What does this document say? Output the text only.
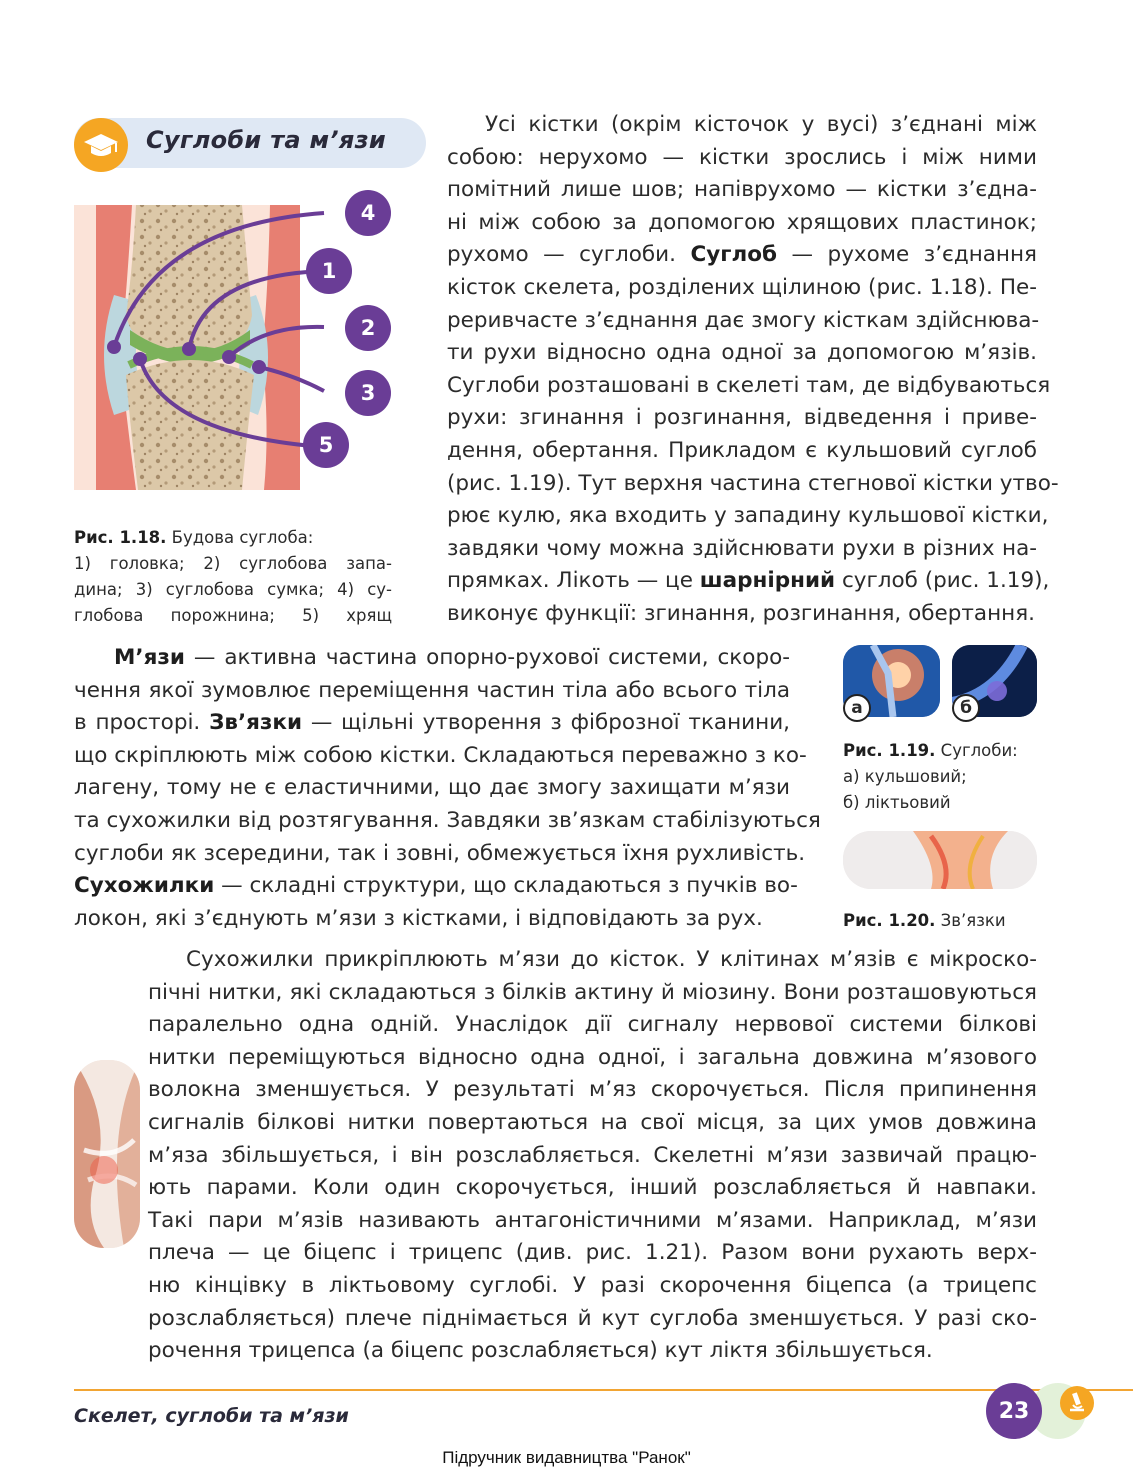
Суглоби та м’язи
4
1
2
3
5
Рис. 1.18. Будова суглоба:
1) головка; 2) суглобова запа-
дина; 3) суглобова сумка; 4) су-
глобова порожнина; 5) хрящ
Усі кістки (окрім кісточок у вусі) з’єднані між
собою: нерухомо — кістки зрослись і між ними
помітний лише шов; напіврухомо — кістки з’єдна-
ні між собою за допомогою хрящових пластинок;
рухомо — суглоби. Суглоб — рухоме з’єднання
кісток скелета, розділених щілиною (рис. 1.18). Пе-
реривчасте з’єднання дає змогу кісткам здійснюва-
ти рухи відносно одна одної за допомогою м’язів.
Суглоби розташовані в скелеті там, де відбуваються
рухи: згинання і розгинання, відведення і приве-
дення, обертання. Прикладом є кульшовий суглоб
(рис. 1.19). Тут верхня частина стегнової кістки утво-
рює кулю, яка входить у западину кульшової кістки,
завдяки чому можна здійснювати рухи в різних на-
прямках. Лікоть — це шарнірний суглоб (рис. 1.19),
виконує функції: згинання, розгинання, обертання.
М’язи — активна частина опорно-рухової системи, скоро-
чення якої зумовлює переміщення частин тіла або всього тіла
в просторі. Зв’язки — щільні утворення з фіброзної тканини,
що скріплюють між собою кістки. Складаються переважно з ко-
лагену, тому не є еластичними, що дає змогу захищати м’язи
та сухожилки від розтягування. Завдяки зв’язкам стабілізуються
суглоби як зсередини, так і зовні, обмежується їхня рухливість.
Сухожилки — складні структури, що складаються з пучків во-
локон, які з’єднують м’язи з кістками, і відповідають за рух.
а	б
Рис. 1.19. Суглоби:
а) кульшовий;
б) ліктьовий
Рис. 1.20. Зв’язки
Сухожилки прикріплюють м’язи до кісток. У клітинах м’язів є мікроско-
пічні нитки, які складаються з білків актину й міозину. Вони розташовуються
паралельно одна одній. Унаслідок дії сигналу нервової системи білкові
нитки переміщуються відносно одна одної, і загальна довжина м’язового
волокна зменшується. У результаті м’яз скорочується. Після припинення
сигналів білкові нитки повертаються на свої місця, за цих умов довжина
м’яза збільшується, і він розслабляється. Скелетні м’язи зазвичай працю-
ють парами. Коли один скорочується, інший розслабляється й навпаки.
Такі пари м’язів називають антагоністичними м’язами. Наприклад, м’язи
плеча — це біцепс і трицепс (див. рис. 1.21). Разом вони рухають верх-
ню кінцівку в ліктьовому суглобі. У разі скорочення біцепса (а трицепс
розслабляється) плече піднімається й кут суглоба зменшується. У разі ско-
рочення трицепса (а біцепс розслабляється) кут ліктя збільшується.
Скелет, суглоби та м’язи	23
Підручник видавництва "Ранок"
